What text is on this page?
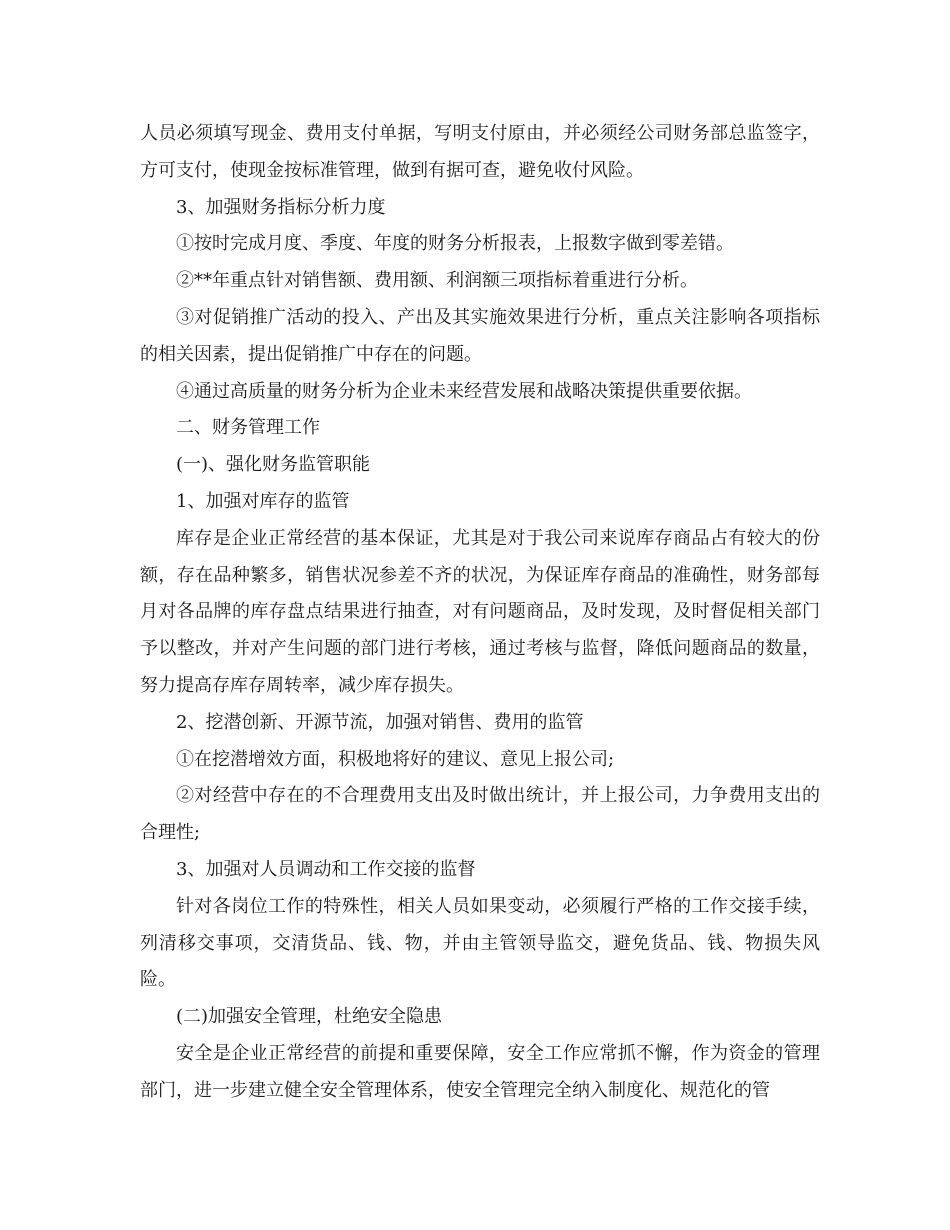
人员必须填写现金、费用支付单据，写明支付原由，并必须经公司财务部总监签字，方可支付，使现金按标准管理，做到有据可查，避免收付风险。

3、加强财务指标分析力度

①按时完成月度、季度、年度的财务分析报表，上报数字做到零差错。

②**年重点针对销售额、费用额、利润额三项指标着重进行分析。

③对促销推广活动的投入、产出及其实施效果进行分析，重点关注影响各项指标的相关因素，提出促销推广中存在的问题。

④通过高质量的财务分析为企业未来经营发展和战略决策提供重要依据。

二、财务管理工作

(一)、强化财务监管职能

1、加强对库存的监管

库存是企业正常经营的基本保证，尤其是对于我公司来说库存商品占有较大的份额，存在品种繁多，销售状况参差不齐的状况，为保证库存商品的准确性，财务部每月对各品牌的库存盘点结果进行抽查，对有问题商品，及时发现，及时督促相关部门予以整改，并对产生问题的部门进行考核，通过考核与监督，降低问题商品的数量，努力提高存库存周转率，减少库存损失。

2、挖潜创新、开源节流，加强对销售、费用的监管

①在挖潜增效方面，积极地将好的建议、意见上报公司;

②对经营中存在的不合理费用支出及时做出统计，并上报公司，力争费用支出的合理性;

3、加强对人员调动和工作交接的监督

针对各岗位工作的特殊性，相关人员如果变动，必须履行严格的工作交接手续，列清移交事项，交清货品、钱、物，并由主管领导监交，避免货品、钱、物损失风险。

(二)加强安全管理，杜绝安全隐患

安全是企业正常经营的前提和重要保障，安全工作应常抓不懈，作为资金的管理部门，进一步建立健全安全管理体系，使安全管理完全纳入制度化、规范化的管
